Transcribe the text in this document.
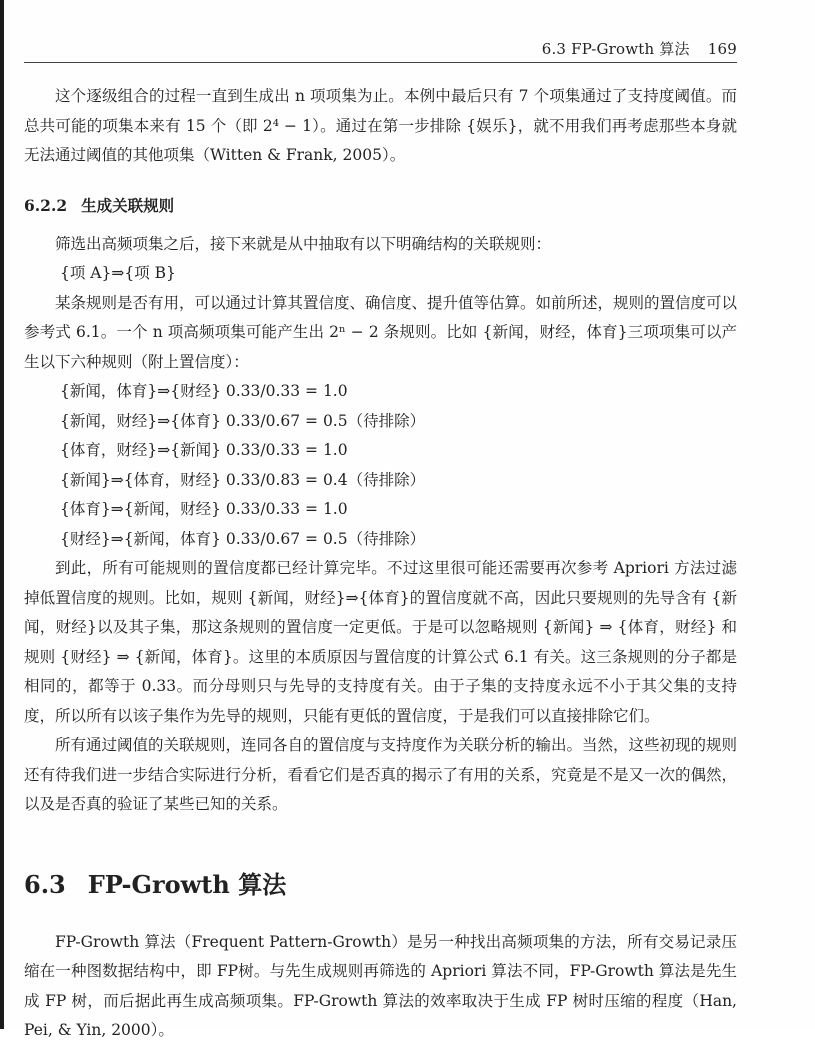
6.3 FP-Growth 算法 169

这个逐级组合的过程一直到生成出 n 项项集为止。本例中最后只有 7 个项集通过了支持度阈值。而总共可能的项集本来有 15 个（即 2⁴ − 1）。通过在第一步排除 {娱乐}，就不用我们再考虑那些本身就无法通过阈值的其他项集（Witten & Frank, 2005）。

6.2.2 生成关联规则

筛选出高频项集之后，接下来就是从中抽取有以下明确结构的关联规则：

{项 A}⇒{项 B}

某条规则是否有用，可以通过计算其置信度、确信度、提升值等估算。如前所述，规则的置信度可以参考式 6.1。一个 n 项高频项集可能产生出 2ⁿ − 2 条规则。比如 {新闻，财经，体育}三项项集可以产生以下六种规则（附上置信度）：

{新闻，体育}⇒{财经} 0.33/0.33 = 1.0

{新闻，财经}⇒{体育} 0.33/0.67 = 0.5（待排除）

{体育，财经}⇒{新闻} 0.33/0.33 = 1.0

{新闻}⇒{体育，财经} 0.33/0.83 = 0.4（待排除）

{体育}⇒{新闻，财经} 0.33/0.33 = 1.0

{财经}⇒{新闻，体育} 0.33/0.67 = 0.5（待排除）

到此，所有可能规则的置信度都已经计算完毕。不过这里很可能还需要再次参考 Apriori 方法过滤掉低置信度的规则。比如，规则 {新闻，财经}⇒{体育}的置信度就不高，因此只要规则的先导含有 {新闻，财经}以及其子集，那这条规则的置信度一定更低。于是可以忽略规则 {新闻} ⇒ {体育，财经} 和规则 {财经} ⇒ {新闻，体育}。这里的本质原因与置信度的计算公式 6.1 有关。这三条规则的分子都是相同的，都等于 0.33。而分母则只与先导的支持度有关。由于子集的支持度永远不小于其父集的支持度，所以所有以该子集作为先导的规则，只能有更低的置信度，于是我们可以直接排除它们。

所有通过阈值的关联规则，连同各自的置信度与支持度作为关联分析的输出。当然，这些初现的规则还有待我们进一步结合实际进行分析，看看它们是否真的揭示了有用的关系，究竟是不是又一次的偶然，以及是否真的验证了某些已知的关系。

6.3 FP-Growth 算法

FP-Growth 算法（Frequent Pattern-Growth）是另一种找出高频项集的方法，所有交易记录压缩在一种图数据结构中，即 FP树。与先生成规则再筛选的 Apriori 算法不同，FP-Growth 算法是先生成 FP 树，而后据此再生成高频项集。FP-Growth 算法的效率取决于生成 FP 树时压缩的程度（Han, Pei, & Yin, 2000）。
